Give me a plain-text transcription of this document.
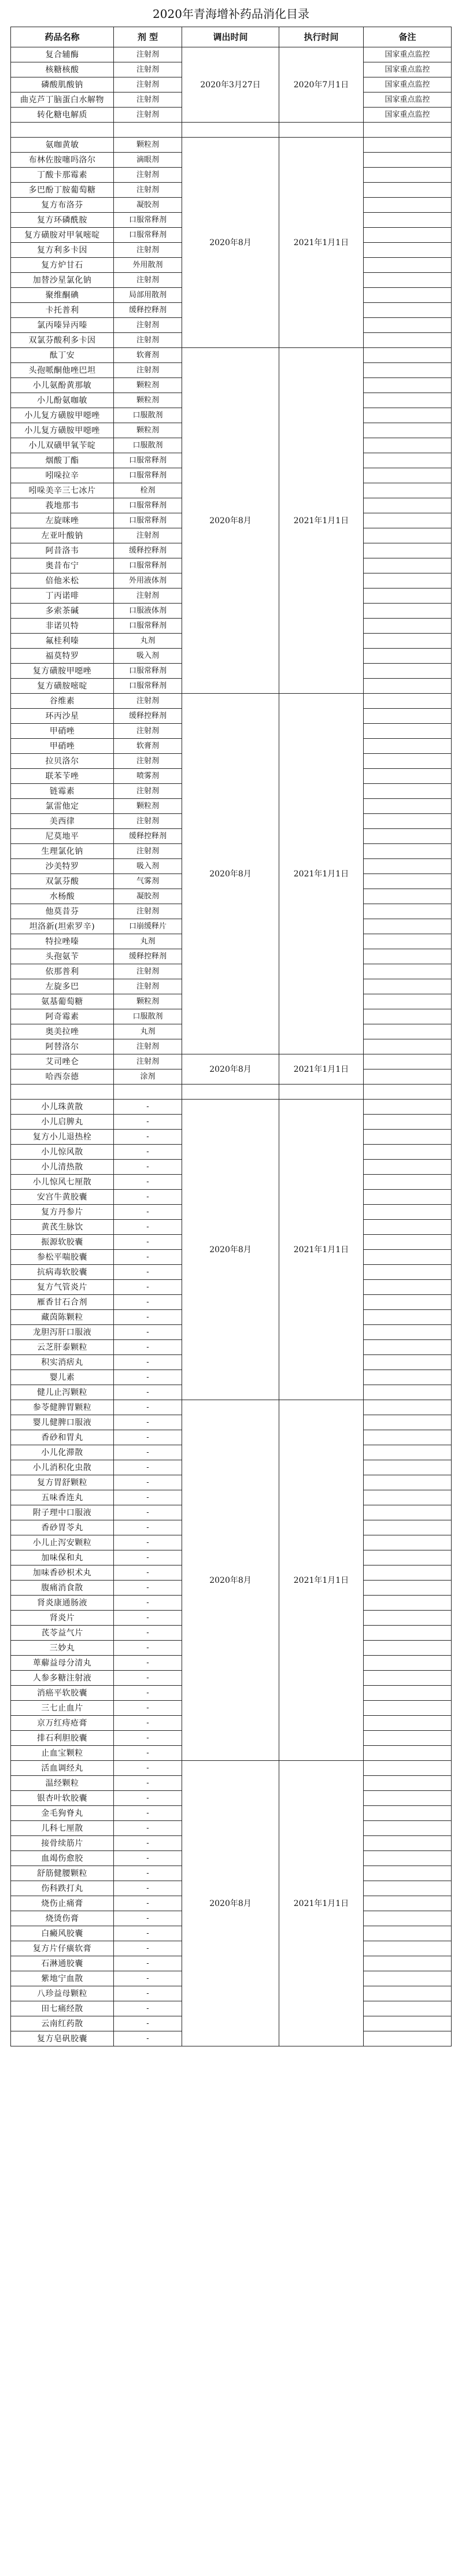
2020年青海增补药品消化目录
药品名称	剂 型	调出时间	执行时间	备注
复合辅酶	注射剂	2020年3月27日	2020年7月1日	国家重点监控
核糖核酸	注射剂			国家重点监控
磷酸肌酸钠	注射剂			国家重点监控
曲克芦丁脑蛋白水解物	注射剂			国家重点监控
转化糖电解质	注射剂			国家重点监控

氨咖黄敏	颗粒剂	2020年8月	2021年1月1日	
布林佐胺噻吗洛尔	滴眼剂			
丁酸卡那霉素	注射剂			
多巴酚丁胺葡萄糖	注射剂			
复方布洛芬	凝胶剂			
复方环磷酰胺	口服常释剂			
复方磺胺对甲氧嘧啶	口服常释剂			
复方利多卡因	注射剂			
复方炉甘石	外用散剂			
加替沙星氯化钠	注射剂			
聚维酮碘	局部用散剂			
卡托普利	缓释控释剂			
氯丙嗪异丙嗪	注射剂			
双氯芬酸利多卡因	注射剂			
酞丁安	软膏剂	2020年8月	2021年1月1日	
头孢哌酮他唑巴坦	注射剂			
小儿氨酚黄那敏	颗粒剂			
小儿酚氨咖敏	颗粒剂			
小儿复方磺胺甲噁唑	口服散剂			
小儿复方磺胺甲噁唑	颗粒剂			
小儿双磺甲氧苄啶	口服散剂			
烟酸丁酯	口服常释剂			
吲哚拉辛	口服常释剂			
吲哚美辛三七冰片	栓剂			
莪地那韦	口服常释剂			
左旋咪唑	口服常释剂			
左亚叶酸钠	注射剂			
阿昔洛韦	缓释控释剂			
奥昔布宁	口服常释剂			
倍他米松	外用液体剂			
丁丙诺啡	注射剂			
多索茶碱	口服液体剂			
非诺贝特	口服常释剂			
氟桂利嗪	丸剂			
福莫特罗	吸入剂			
复方磺胺甲噁唑	口服常释剂			
复方磺胺嘧啶	口服常释剂			
谷维素	注射剂	2020年8月	2021年1月1日	
环丙沙星	缓释控释剂			
甲硝唑	注射剂			
甲硝唑	软膏剂			
拉贝洛尔	注射剂			
联苯苄唑	喷雾剂			
链霉素	注射剂			
氯雷他定	颗粒剂			
美西律	注射剂			
尼莫地平	缓释控释剂			
生理氯化钠	注射剂			
沙美特罗	吸入剂			
双氯芬酸	气雾剂			
水杨酸	凝胶剂			
他莫昔芬	注射剂			
坦洛新(坦索罗辛)	口崩缓释片			
特拉唑嗪	丸剂			
头孢氨苄	缓释控释剂			
依那普利	注射剂			
左旋多巴	注射剂			
氨基葡萄糖	颗粒剂			
阿奇霉素	口服散剂			
奥美拉唑	丸剂			
阿替洛尔	注射剂			
艾司唑仑	注射剂	2020年8月	2021年1月1日	
哈西奈德	涂剂			

小儿珠黄散	-	2020年8月	2021年1月1日	
小儿启脾丸	-			
复方小儿退热栓	-			
小儿惊风散	-			
小儿清热散	-			
小儿惊风七厘散	-			
安宫牛黄胶囊	-			
复方丹参片	-			
黄芪生脉饮	-			
振源软胶囊	-			
参松平喘胶囊	-			
抗病毒软胶囊	-			
复方气管炎片	-			
雁香甘石合剂	-			
藏茵陈颗粒	-			
龙胆泻肝口服液	-			
云芝肝泰颗粒	-			
积实消痞丸	-			
婴儿素	-			
健儿止泻颗粒	-			
参苓健脾胃颗粒	-	2020年8月	2021年1月1日	
婴儿健脾口服液	-			
香砂和胃丸	-			
小儿化滞散	-			
小儿消积化虫散	-			
复方胃舒颗粒	-			
五味香连丸	-			
附子理中口服液	-			
香砂胃苓丸	-			
小儿止泻安颗粒	-			
加味保和丸	-			
加味香砂枳术丸	-			
腹痛消食散	-			
肾炎康通肠液	-			
肾炎片	-			
芪苓益气片	-			
三妙丸	-			
萆薢益母分清丸	-			
人参多糖注射液	-			
消癌平软胶囊	-			
三七止血片	-			
京万红痔疮膏	-			
排石利胆胶囊	-			
止血宝颗粒	-			
活血调经丸	-	2020年8月	2021年1月1日	
温经颗粒	-			
银杏叶软胶囊	-			
金毛狗脊丸	-			
儿科七厘散	-			
接骨续筋片	-			
血竭伤愈胶	-			
舒筋健腰颗粒	-			
伤科跌打丸	-			
烧伤止痛膏	-			
烧烫伤膏	-			
白癜风胶囊	-			
复方片仔癀软膏	-			
石淋通胶囊	-			
紫地宁血散	-			
八珍益母颗粒	-			
田七痛经散	-			
云南红药散	-			
复方皂矾胶囊	-			
